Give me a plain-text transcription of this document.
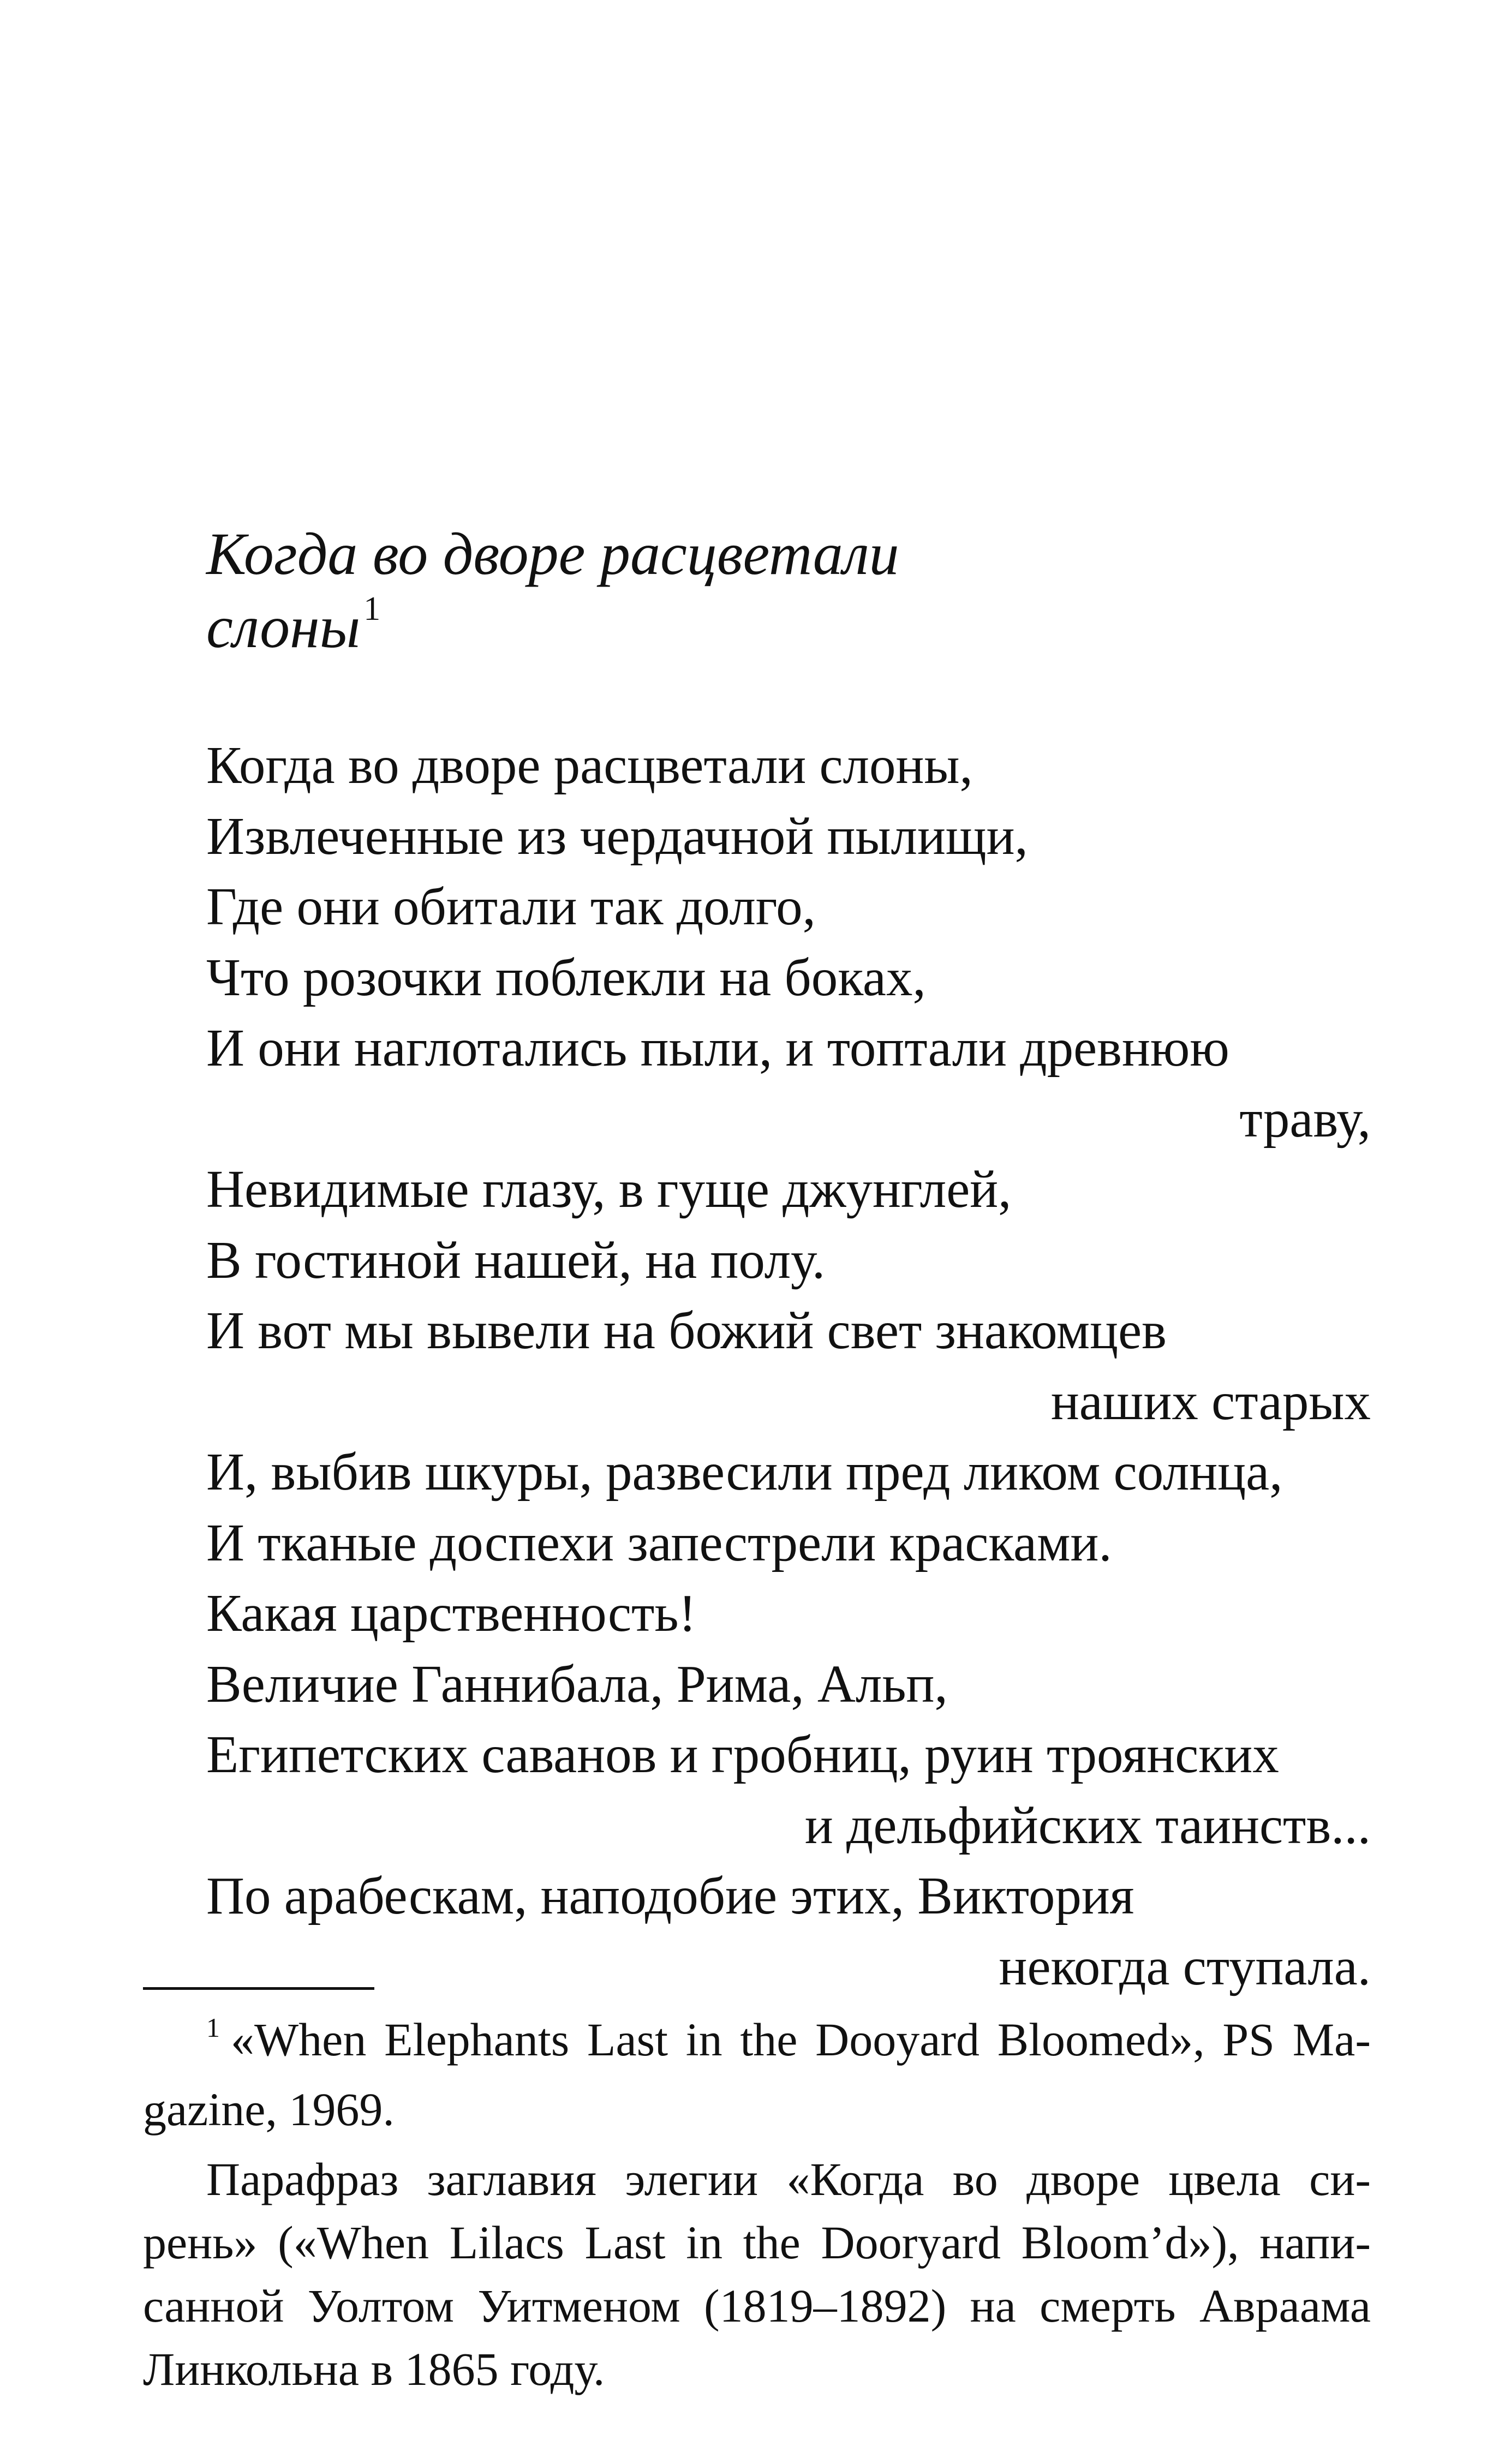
Когда во дворе расцветали
слоны$^1$
Когда во дворе расцветали слоны,
Извлеченные из чердачной пылищи,
Где они обитали так долго,
Что розочки поблекли на боках,
И они наглотались пыли, и топтали древнюю
траву,
Невидимые глазу, в гуще джунглей,
В гостиной нашей, на полу.
И вот мы вывели на божий свет знакомцев
наших старых
И, выбив шкуры, развесили пред ликом солнца,
И тканые доспехи запестрели красками.
Какая царственность!
Величие Ганнибала, Рима, Альп,
Египетских саванов и гробниц, руин троянских
и дельфийских таинств...
По арабескам, наподобие этих, Виктория
некогда ступала.

$^1$ «When Elephants Last in the Dooyard Bloomed», PS Ma-
gazine, 1969.

Парафраз заглавия элегии «Когда во дворе цвела си-
рень» («When Lilacs Last in the Dooryard Bloom’d»), напи-
санной Уолтом Уитменом (1819–1892) на смерть Авраама
Линкольна в 1865 году.
